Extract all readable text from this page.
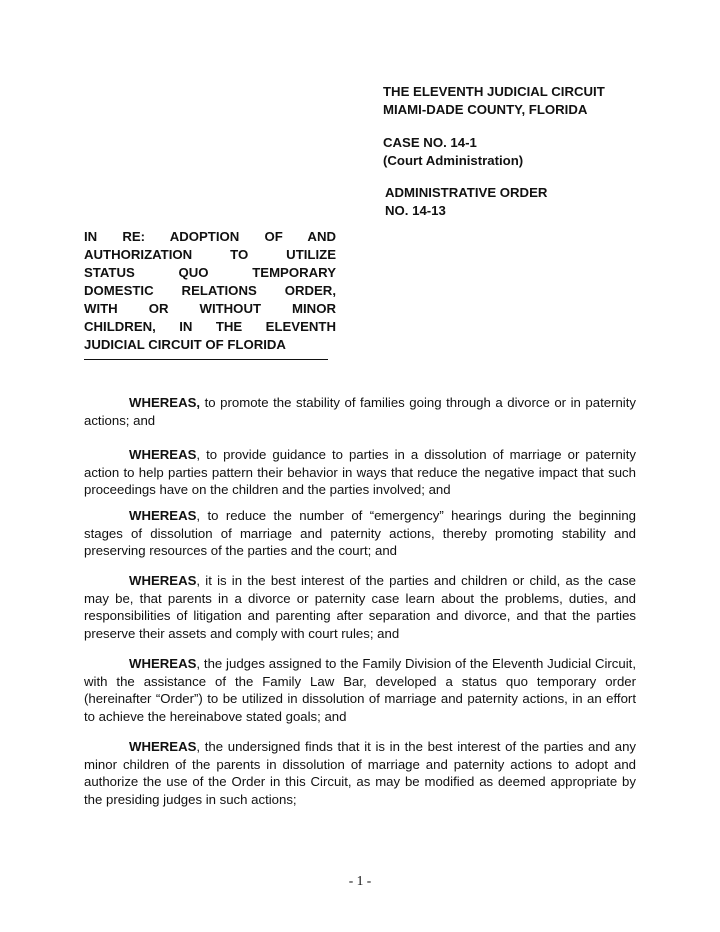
THE ELEVENTH JUDICIAL CIRCUIT
MIAMI-DADE COUNTY, FLORIDA
CASE NO. 14-1
(Court Administration)
ADMINISTRATIVE ORDER
NO. 14-13
IN RE: ADOPTION OF AND
AUTHORIZATION TO UTILIZE
STATUS QUO TEMPORARY
DOMESTIC RELATIONS ORDER,
WITH OR WITHOUT MINOR
CHILDREN, IN THE ELEVENTH
JUDICIAL CIRCUIT OF FLORIDA

WHEREAS, to promote the stability of families going through a divorce or in paternity actions; and

WHEREAS, to provide guidance to parties in a dissolution of marriage or paternity action to help parties pattern their behavior in ways that reduce the negative impact that such proceedings have on the children and the parties involved; and

WHEREAS, to reduce the number of “emergency” hearings during the beginning stages of dissolution of marriage and paternity actions, thereby promoting stability and preserving resources of the parties and the court; and

WHEREAS, it is in the best interest of the parties and children or child, as the case may be, that parents in a divorce or paternity case learn about the problems, duties, and responsibilities of litigation and parenting after separation and divorce, and that the parties preserve their assets and comply with court rules; and

WHEREAS, the judges assigned to the Family Division of the Eleventh Judicial Circuit, with the assistance of the Family Law Bar, developed a status quo temporary order (hereinafter “Order”) to be utilized in dissolution of marriage and paternity actions, in an effort to achieve the hereinabove stated goals; and

WHEREAS, the undersigned finds that it is in the best interest of the parties and any minor children of the parents in dissolution of marriage and paternity actions to adopt and authorize the use of the Order in this Circuit, as may be modified as deemed appropriate by the presiding judges in such actions;

- 1 -
